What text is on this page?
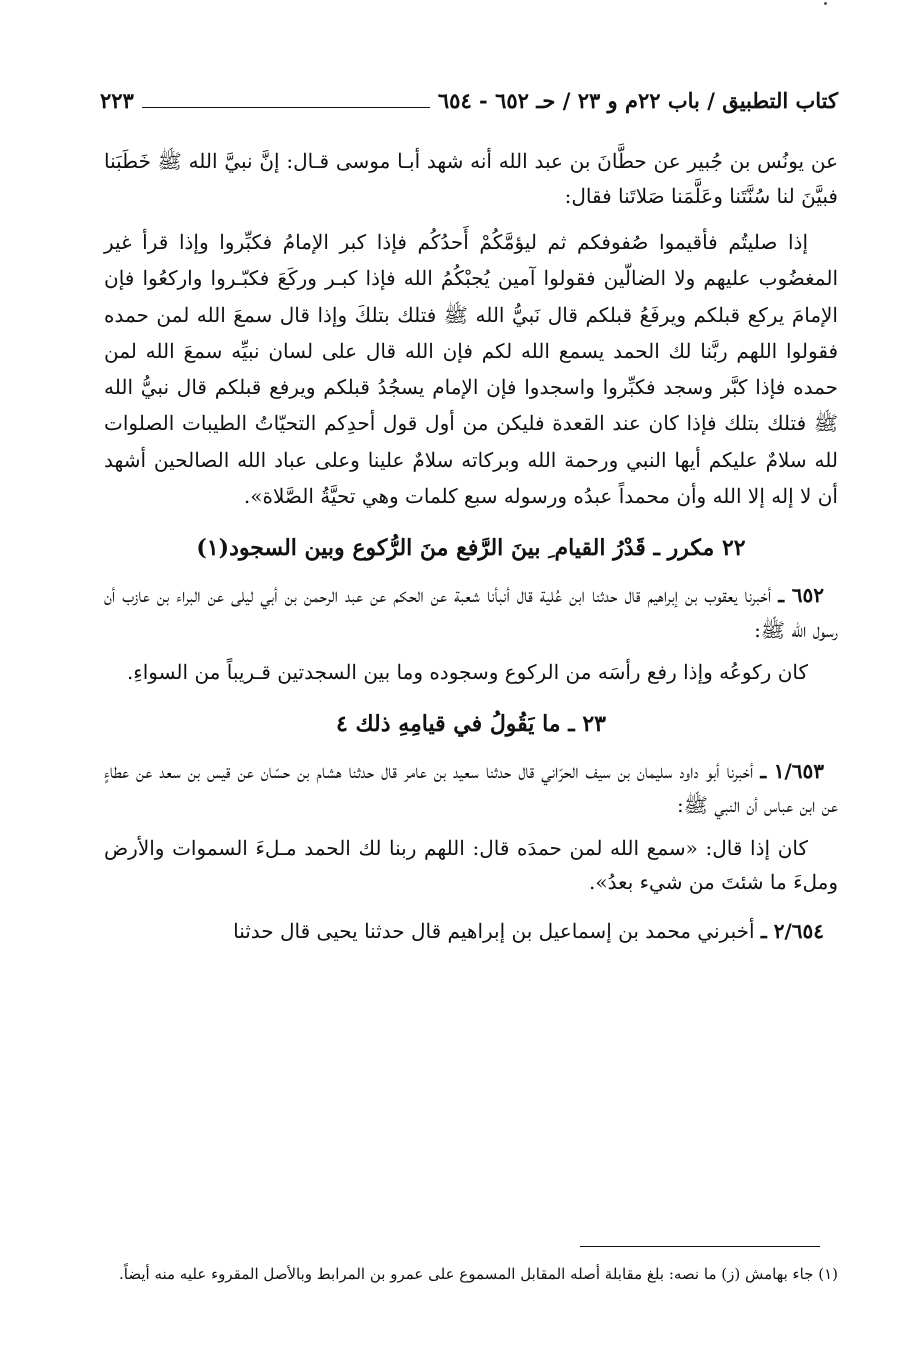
كتاب التطبيق / باب ٢٢م و ٢٣ / حـ ٦٥٢ - ٦٥٤
٢٢٣

عن يونُس بن جُبير عن حطَّانَ بن عبد الله أنه شهد أبـا موسى قـال: إنَّ نبيَّ الله ﷺ خَطَبَنا فبيَّنَ لنا سُنَّتَنا وعَلَّمَنا صَلاتَنا فقال:

إذا صليتُم فأقيموا صُفوفكم ثم ليؤمَّكُمْ أَحدُكُم فإذا كبر الإمامُ فكبِّروا وإذا قرأ غير المغضُوب عليهم ولا الضالّين فقولوا آمين يُجبْكُمُ الله فإذا كبـر وركَعَ فكبّـروا واركعُوا فإن الإمامَ يركع قبلكم ويرفَعُ قبلكم قال نَبيُّ الله ﷺ فتلك بتلكَ وإذا قال سمعَ الله لمن حمده فقولوا اللهم ربَّنا لك الحمد يسمع الله لكم فإن الله قال على لسان نبيِّه سمعَ الله لمن حمده فإذا كبَّر وسجد فكبِّروا واسجدوا فإن الإمام يسجُدُ قبلكم ويرفع قبلكم قال نبيُّ الله ﷺ فتلك بتلك فإذا كان عند القعدة فليكن من أول قول أحدِكم التحيّاتُ الطيبات الصلوات لله سلامٌ عليكم أيها النبي ورحمة الله وبركاته سلامٌ علينا وعلى عباد الله الصالحين أشهد أن لا إله إلا الله وأن محمداً عبدُه ورسوله سبع كلمات وهي تحيَّةُ الصَّلاة».

٢٢ مكرر ـ قَدْرُ القيام ِ بينَ الرَّفع منَ الرُّكوع وبين السجود(١)

٦٥٢ ـ أخبرنا يعقوب بن إبراهيم قال حدثنا ابن عُلية قال أنبأنا شعبة عن الحكم عن عبد الرحمن بن أبي ليلى عن البراء بن عازب أن رسول الله ﷺ:

كان ركوعُه وإذا رفع رأسَه من الركوع وسجوده وما بين السجدتين قـريباً من السواءِ.

٢٣ ـ ما يَقُولُ في قيامِهِ ذلك ٤

١/٦٥٣ ـ أخبرنا أبو داود سليمان بن سيف الحرّاني قال حدثنا سعيد بن عامر قال حدثنا هشام بن حسّان عن قيس بن سعد عن عطاءٍ عن ابن عباس أن النبي ﷺ:

كان إذا قال: «سمع الله لمن حمدَه قال: اللهم ربنا لك الحمد مـلءَ السموات والأرض وملءَ ما شئتَ من شيء بعدُ».

٢/٦٥٤ ـ أخبرني محمد بن إسماعيل بن إبراهيم قال حدثنا يحيى قال حدثنا

(١) جاء بهامش (ز) ما نصه: بلغ مقابلة أصله المقابل المسموع على عمرو بن المرابط وبالأصل المقروء عليه منه أيضاً.
